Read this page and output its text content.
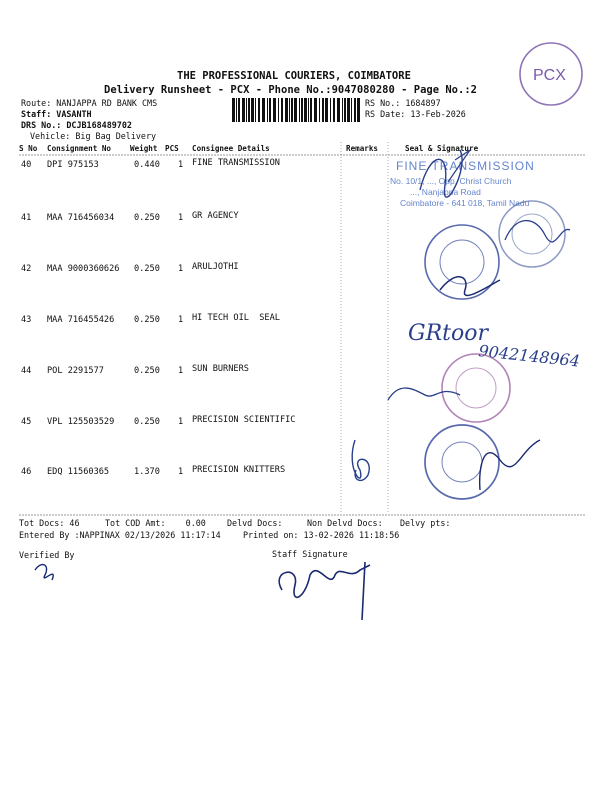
PCX
THE PROFESSIONAL COURIERS, COIMBATORE
Delivery Runsheet - PCX - Phone No.:9047080280 - Page No.:2
Route: NANJAPPA RD BANK CMS
Staff: VASANTH
DRS No.: DCJB168489702
Vehicle: Big Bag Delivery
RS No.: 1684897
RS Date: 13-Feb-2026
S No Consignment No Weight PCS Consignee Details	Remarks	Seal & Signature
40 DPI 975153	0.440 1 FINE TRANSMISSION
41 MAA 716456034 0.250 1 GR AGENCY
42 MAA 9000360626 0.250 1 ARULJOTHI
43 MAA 716455426 0.250 1 HI TECH OIL  SEAL
44 POL 2291577	0.250 1 SUN BURNERS
45 VPL 125503529 0.250 1 PRECISION SCIENTIFIC
46 EDQ 11560365	1.370 1 PRECISION KNITTERS
FINE TRANSMISSION
No. 10/1, ..., Opp. Christ Church
..., Nanjappa Road
Coimbatore - 641 018, Tamil Nadu
GRtoor
9042148964
Tot Docs: 46	Tot COD Amt:    0.00	Delvd Docs:	Non Delvd Docs: Delvy pts:
Entered By :NAPPINAX 02/13/2026 11:17:14	Printed on: 13-02-2026 11:18:56
Verified By	Staff Signature
